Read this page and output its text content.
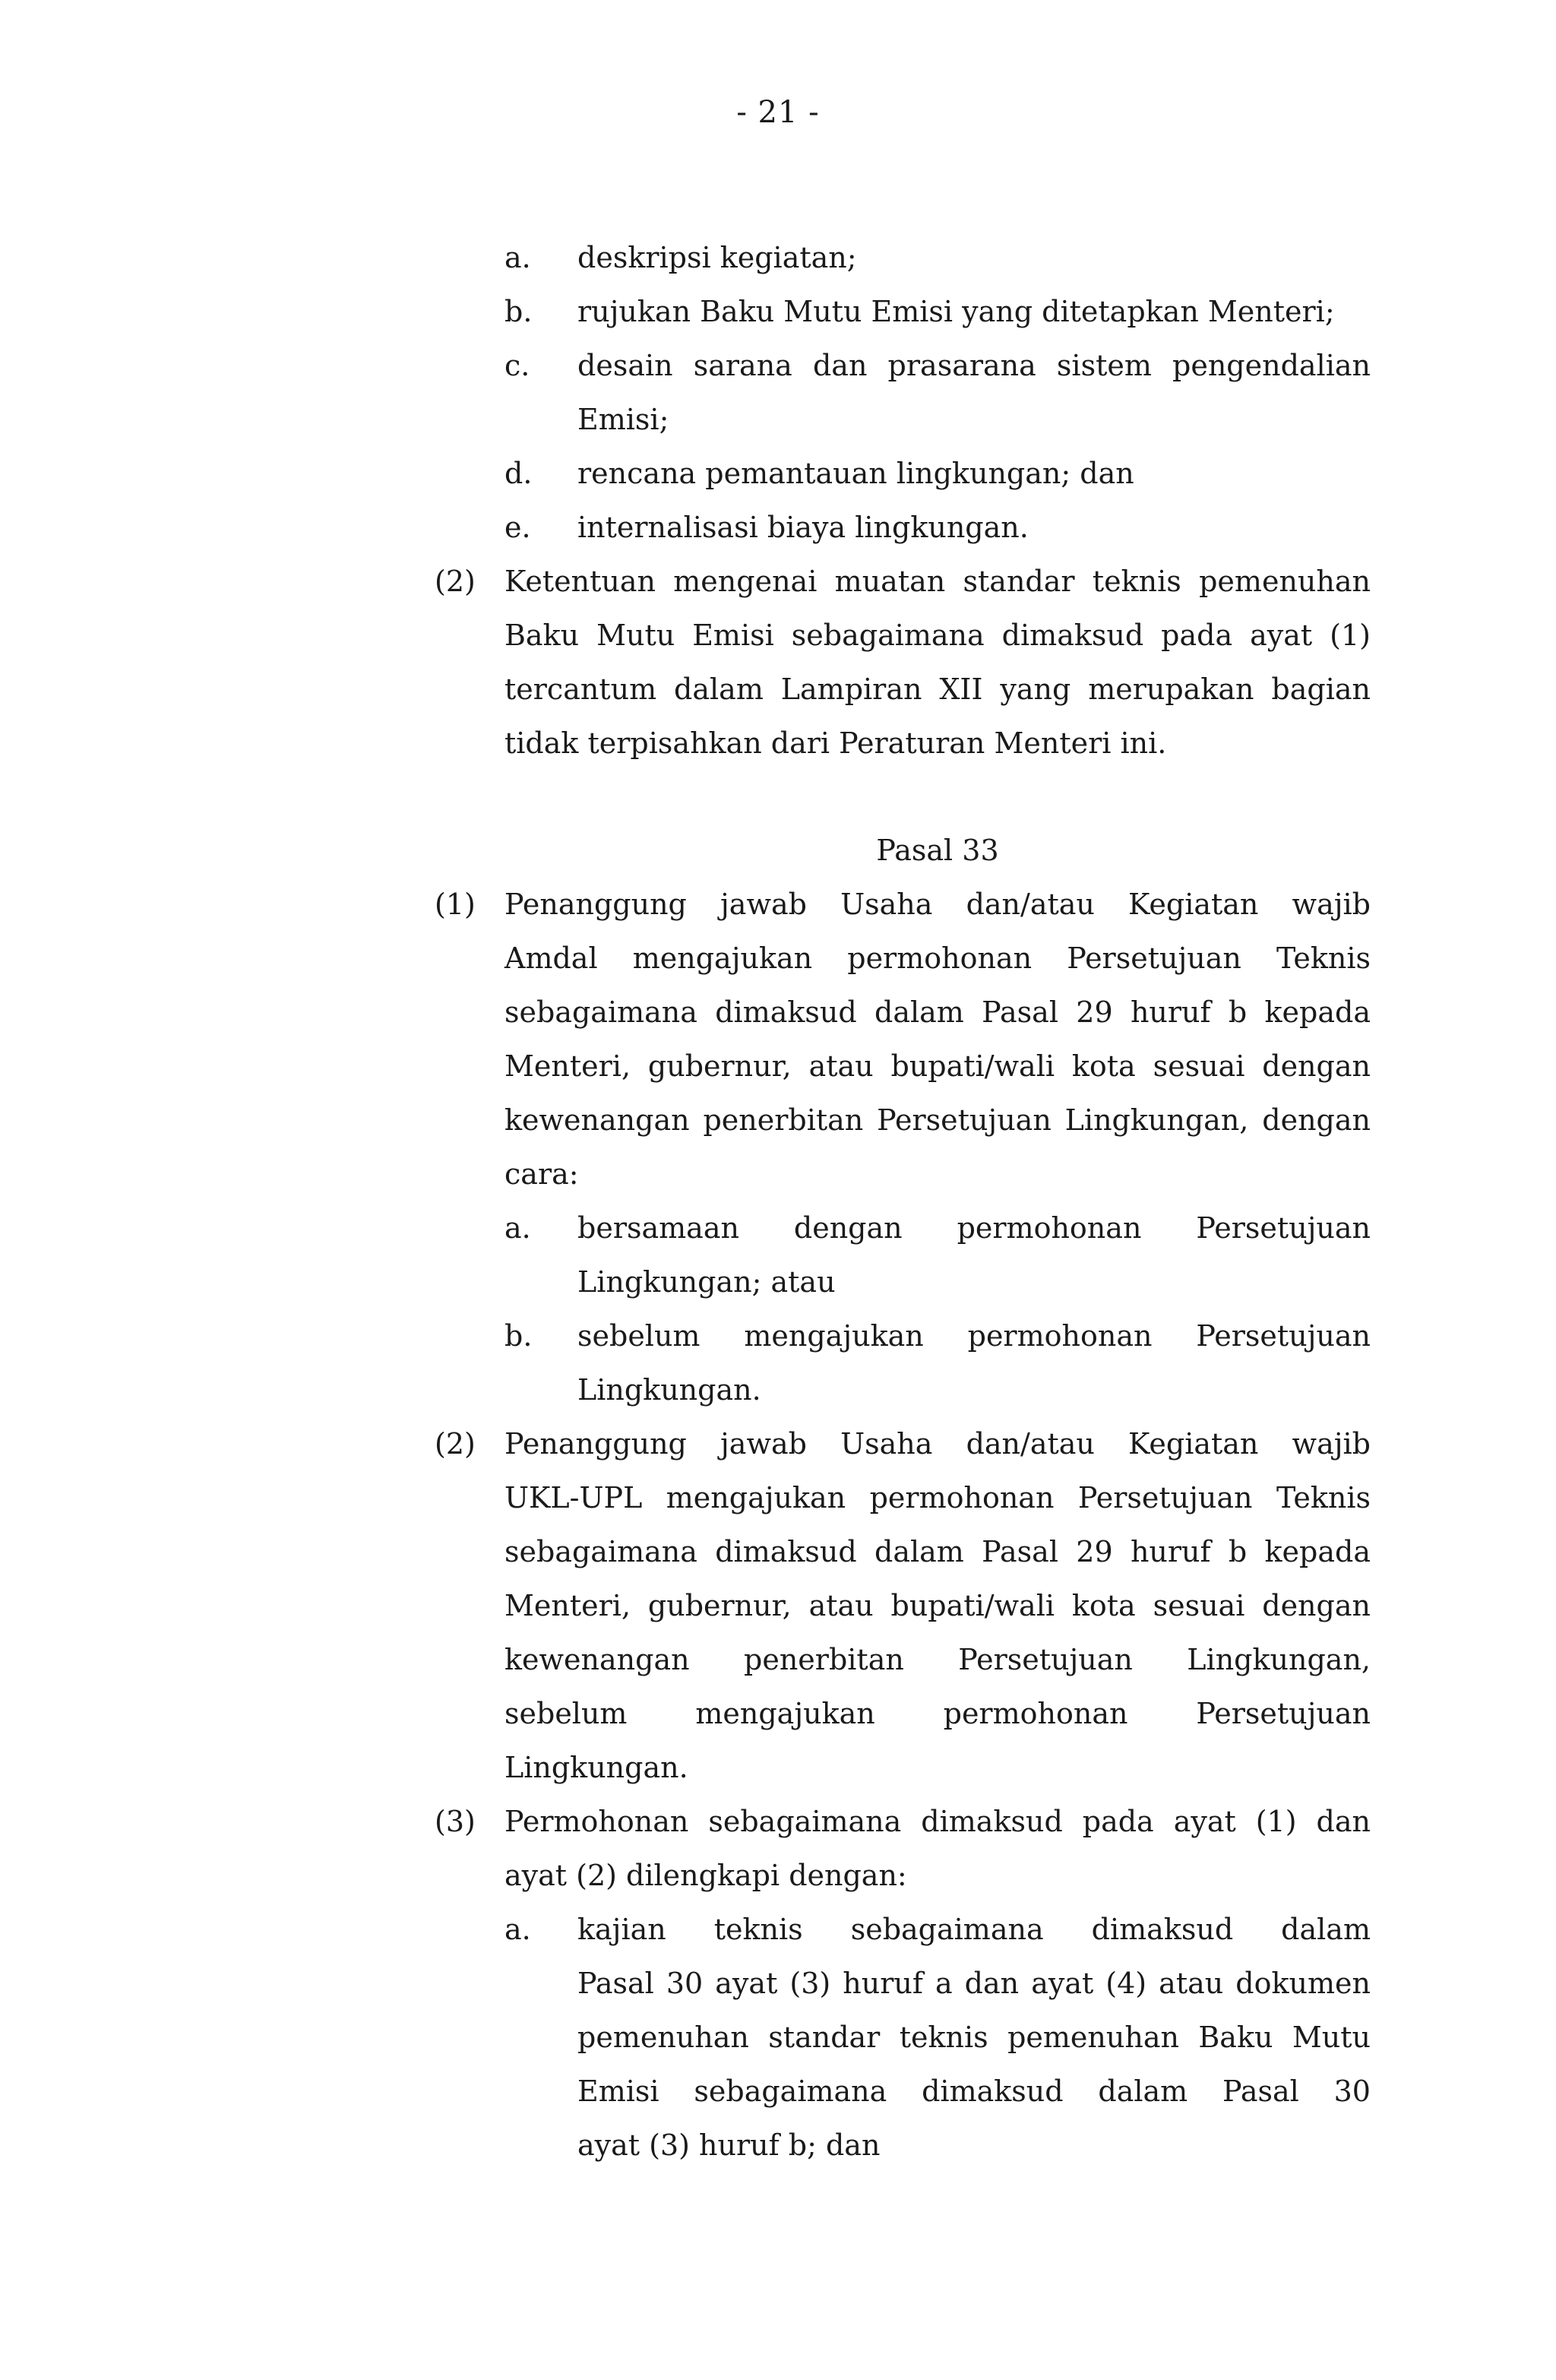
- 21 -
a. deskripsi kegiatan;
b. rujukan Baku Mutu Emisi yang ditetapkan Menteri;
c. desain sarana dan prasarana sistem pengendalian
Emisi;
d. rencana pemantauan lingkungan; dan
e. internalisasi biaya lingkungan.
(2) Ketentuan mengenai muatan standar teknis pemenuhan
Baku Mutu Emisi sebagaimana dimaksud pada ayat (1)
tercantum dalam Lampiran XII yang merupakan bagian
tidak terpisahkan dari Peraturan Menteri ini.
Pasal 33
(1) Penanggung jawab Usaha dan/atau Kegiatan wajib
Amdal mengajukan permohonan Persetujuan Teknis
sebagaimana dimaksud dalam Pasal 29 huruf b kepada
Menteri, gubernur, atau bupati/wali kota sesuai dengan
kewenangan penerbitan Persetujuan Lingkungan, dengan
cara:
a. bersamaan dengan permohonan Persetujuan
Lingkungan; atau
b. sebelum mengajukan permohonan Persetujuan
Lingkungan.
(2) Penanggung jawab Usaha dan/atau Kegiatan wajib
UKL-UPL mengajukan permohonan Persetujuan Teknis
sebagaimana dimaksud dalam Pasal 29 huruf b kepada
Menteri, gubernur, atau bupati/wali kota sesuai dengan
kewenangan penerbitan Persetujuan Lingkungan,
sebelum mengajukan permohonan Persetujuan
Lingkungan.
(3) Permohonan sebagaimana dimaksud pada ayat (1) dan
ayat (2) dilengkapi dengan:
a. kajian teknis sebagaimana dimaksud dalam
Pasal 30 ayat (3) huruf a dan ayat (4) atau dokumen
pemenuhan standar teknis pemenuhan Baku Mutu
Emisi sebagaimana dimaksud dalam Pasal 30
ayat (3) huruf b; dan
